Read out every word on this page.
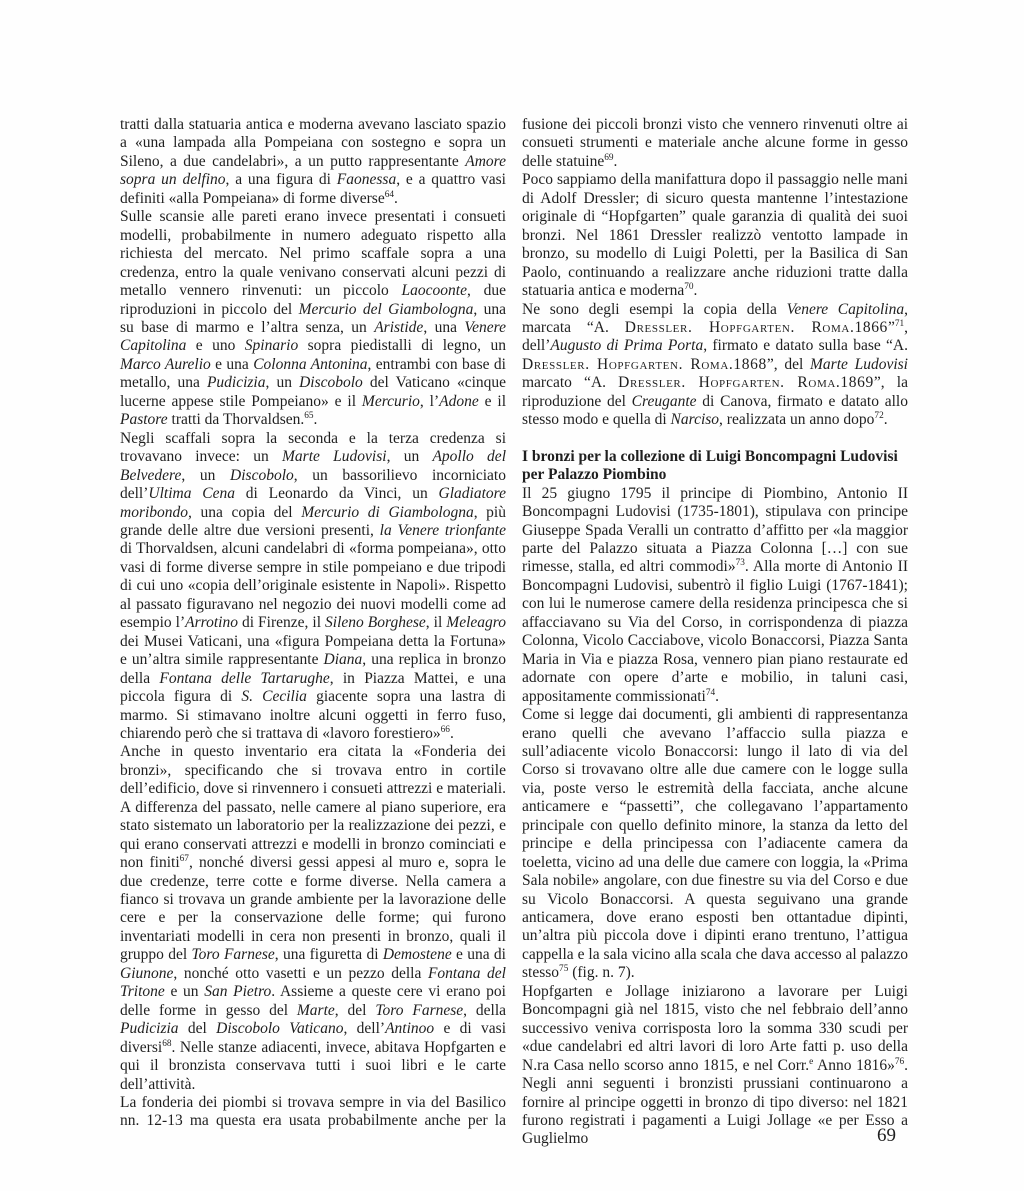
tratti dalla statuaria antica e moderna avevano lasciato spazio a «una lampada alla Pompeiana con sostegno e sopra un Sileno, a due candelabri», a un putto rappresentante Amore sopra un delfino, a una figura di Faonessa, e a quattro vasi definiti «alla Pompeiana» di forme diverse$^{64}$.

Sulle scansie alle pareti erano invece presentati i consueti modelli, probabilmente in numero adeguato rispetto alla richiesta del mercato. Nel primo scaffale sopra a una credenza, entro la quale venivano conservati alcuni pezzi di metallo vennero rinvenuti: un piccolo Laocoonte, due riproduzioni in piccolo del Mercurio del Giambologna, una su base di marmo e l’altra senza, un Aristide, una Venere Capitolina e uno Spinario sopra piedistalli di legno, un Marco Aurelio e una Colonna Antonina, entrambi con base di metallo, una Pudicizia, un Discobolo del Vaticano «cinque lucerne appese stile Pompeiano» e il Mercurio, l’Adone e il Pastore tratti da Thorvaldsen.$^{65}$.

Negli scaffali sopra la seconda e la terza credenza si trovavano invece: un Marte Ludovisi, un Apollo del Belvedere, un Discobolo, un bassorilievo incorniciato dell’Ultima Cena di Leonardo da Vinci, un Gladiatore moribondo, una copia del Mercurio di Giambologna, più grande delle altre due versioni presenti, la Venere trionfante di Thorvaldsen, alcuni candelabri di «forma pompeiana», otto vasi di forme diverse sempre in stile pompeiano e due tripodi di cui uno «copia dell’originale esistente in Napoli». Rispetto al passato figuravano nel negozio dei nuovi modelli come ad esempio l’Arrotino di Firenze, il Sileno Borghese, il Meleagro dei Musei Vaticani, una «figura Pompeiana detta la Fortuna» e un’altra simile rappresentante Diana, una replica in bronzo della Fontana delle Tartarughe, in Piazza Mattei, e una piccola figura di S. Cecilia giacente sopra una lastra di marmo. Si stimavano inoltre alcuni oggetti in ferro fuso, chiarendo però che si trattava di «lavoro forestiero»$^{66}$.

Anche in questo inventario era citata la «Fonderia dei bronzi», specificando che si trovava entro in cortile dell’edificio, dove si rinvennero i consueti attrezzi e materiali. A differenza del passato, nelle camere al piano superiore, era stato sistemato un laboratorio per la realizzazione dei pezzi, e qui erano conservati attrezzi e modelli in bronzo cominciati e non finiti$^{67}$, nonché diversi gessi appesi al muro e, sopra le due credenze, terre cotte e forme diverse. Nella camera a fianco si trovava un grande ambiente per la lavorazione delle cere e per la conservazione delle forme; qui furono inventariati modelli in cera non presenti in bronzo, quali il gruppo del Toro Farnese, una figuretta di Demostene e una di Giunone, nonché otto vasetti e un pezzo della Fontana del Tritone e un San Pietro. Assieme a queste cere vi erano poi delle forme in gesso del Marte, del Toro Farnese, della Pudicizia del Discobolo Vaticano, dell’Antinoo e di vasi diversi$^{68}$. Nelle stanze adiacenti, invece, abitava Hopfgarten e qui il bronzista conservava tutti i suoi libri e le carte dell’attività.

La fonderia dei piombi si trovava sempre in via del Basilico nn. 12-13 ma questa era usata probabilmente anche per la

fusione dei piccoli bronzi visto che vennero rinvenuti oltre ai consueti strumenti e materiale anche alcune forme in gesso delle statuine$^{69}$.

Poco sappiamo della manifattura dopo il passaggio nelle mani di Adolf Dressler; di sicuro questa mantenne l’intestazione originale di “Hopfgarten” quale garanzia di qualità dei suoi bronzi. Nel 1861 Dressler realizzò ventotto lampade in bronzo, su modello di Luigi Poletti, per la Basilica di San Paolo, continuando a realizzare anche riduzioni tratte dalla statuaria antica e moderna$^{70}$.

Ne sono degli esempi la copia della Venere Capitolina, marcata “A. Dressler. Hopfgarten. Roma.1866”$^{71}$, dell’Augusto di Prima Porta, firmato e datato sulla base “A. Dressler. Hopfgarten. Roma.1868”, del Marte Ludovisi marcato “A. Dressler. Hopfgarten. Roma.1869”, la riproduzione del Creugante di Canova, firmato e datato allo stesso modo e quella di Narciso, realizzata un anno dopo$^{72}$.

I bronzi per la collezione di Luigi Boncompagni Ludovisi per Palazzo Piombino

Il 25 giugno 1795 il principe di Piombino, Antonio II Boncompagni Ludovisi (1735-1801), stipulava con principe Giuseppe Spada Veralli un contratto d’affitto per «la maggior parte del Palazzo situata a Piazza Colonna […] con sue rimesse, stalla, ed altri commodi»$^{73}$. Alla morte di Antonio II Boncompagni Ludovisi, subentrò il figlio Luigi (1767-1841); con lui le numerose camere della residenza principesca che si affacciavano su Via del Corso, in corrispondenza di piazza Colonna, Vicolo Cacciabove, vicolo Bonaccorsi, Piazza Santa Maria in Via e piazza Rosa, vennero pian piano restaurate ed adornate con opere d’arte e mobilio, in taluni casi, appositamente commissionati$^{74}$.

Come si legge dai documenti, gli ambienti di rappresentanza erano quelli che avevano l’affaccio sulla piazza e sull’adiacente vicolo Bonaccorsi: lungo il lato di via del Corso si trovavano oltre alle due camere con le logge sulla via, poste verso le estremità della facciata, anche alcune anticamere e “passetti”, che collegavano l’appartamento principale con quello definito minore, la stanza da letto del principe e della principessa con l’adiacente camera da toeletta, vicino ad una delle due camere con loggia, la «Prima Sala nobile» angolare, con due finestre su via del Corso e due su Vicolo Bonaccorsi. A questa seguivano una grande anticamera, dove erano esposti ben ottantadue dipinti, un’altra più piccola dove i dipinti erano trentuno, l’attigua cappella e la sala vicino alla scala che dava accesso al palazzo stesso$^{75}$ (fig. n. 7).

Hopfgarten e Jollage iniziarono a lavorare per Luigi Boncompagni già nel 1815, visto che nel febbraio dell’anno successivo veniva corrisposta loro la somma 330 scudi per «due candelabri ed altri lavori di loro Arte fatti p. uso della N.ra Casa nello scorso anno 1815, e nel Corr.$^e$ Anno 1816»$^{76}$. Negli anni seguenti i bronzisti prussiani continuarono a fornire al principe oggetti in bronzo di tipo diverso: nel 1821 furono registrati i pagamenti a Luigi Jollage «e per Esso a Guglielmo	69
